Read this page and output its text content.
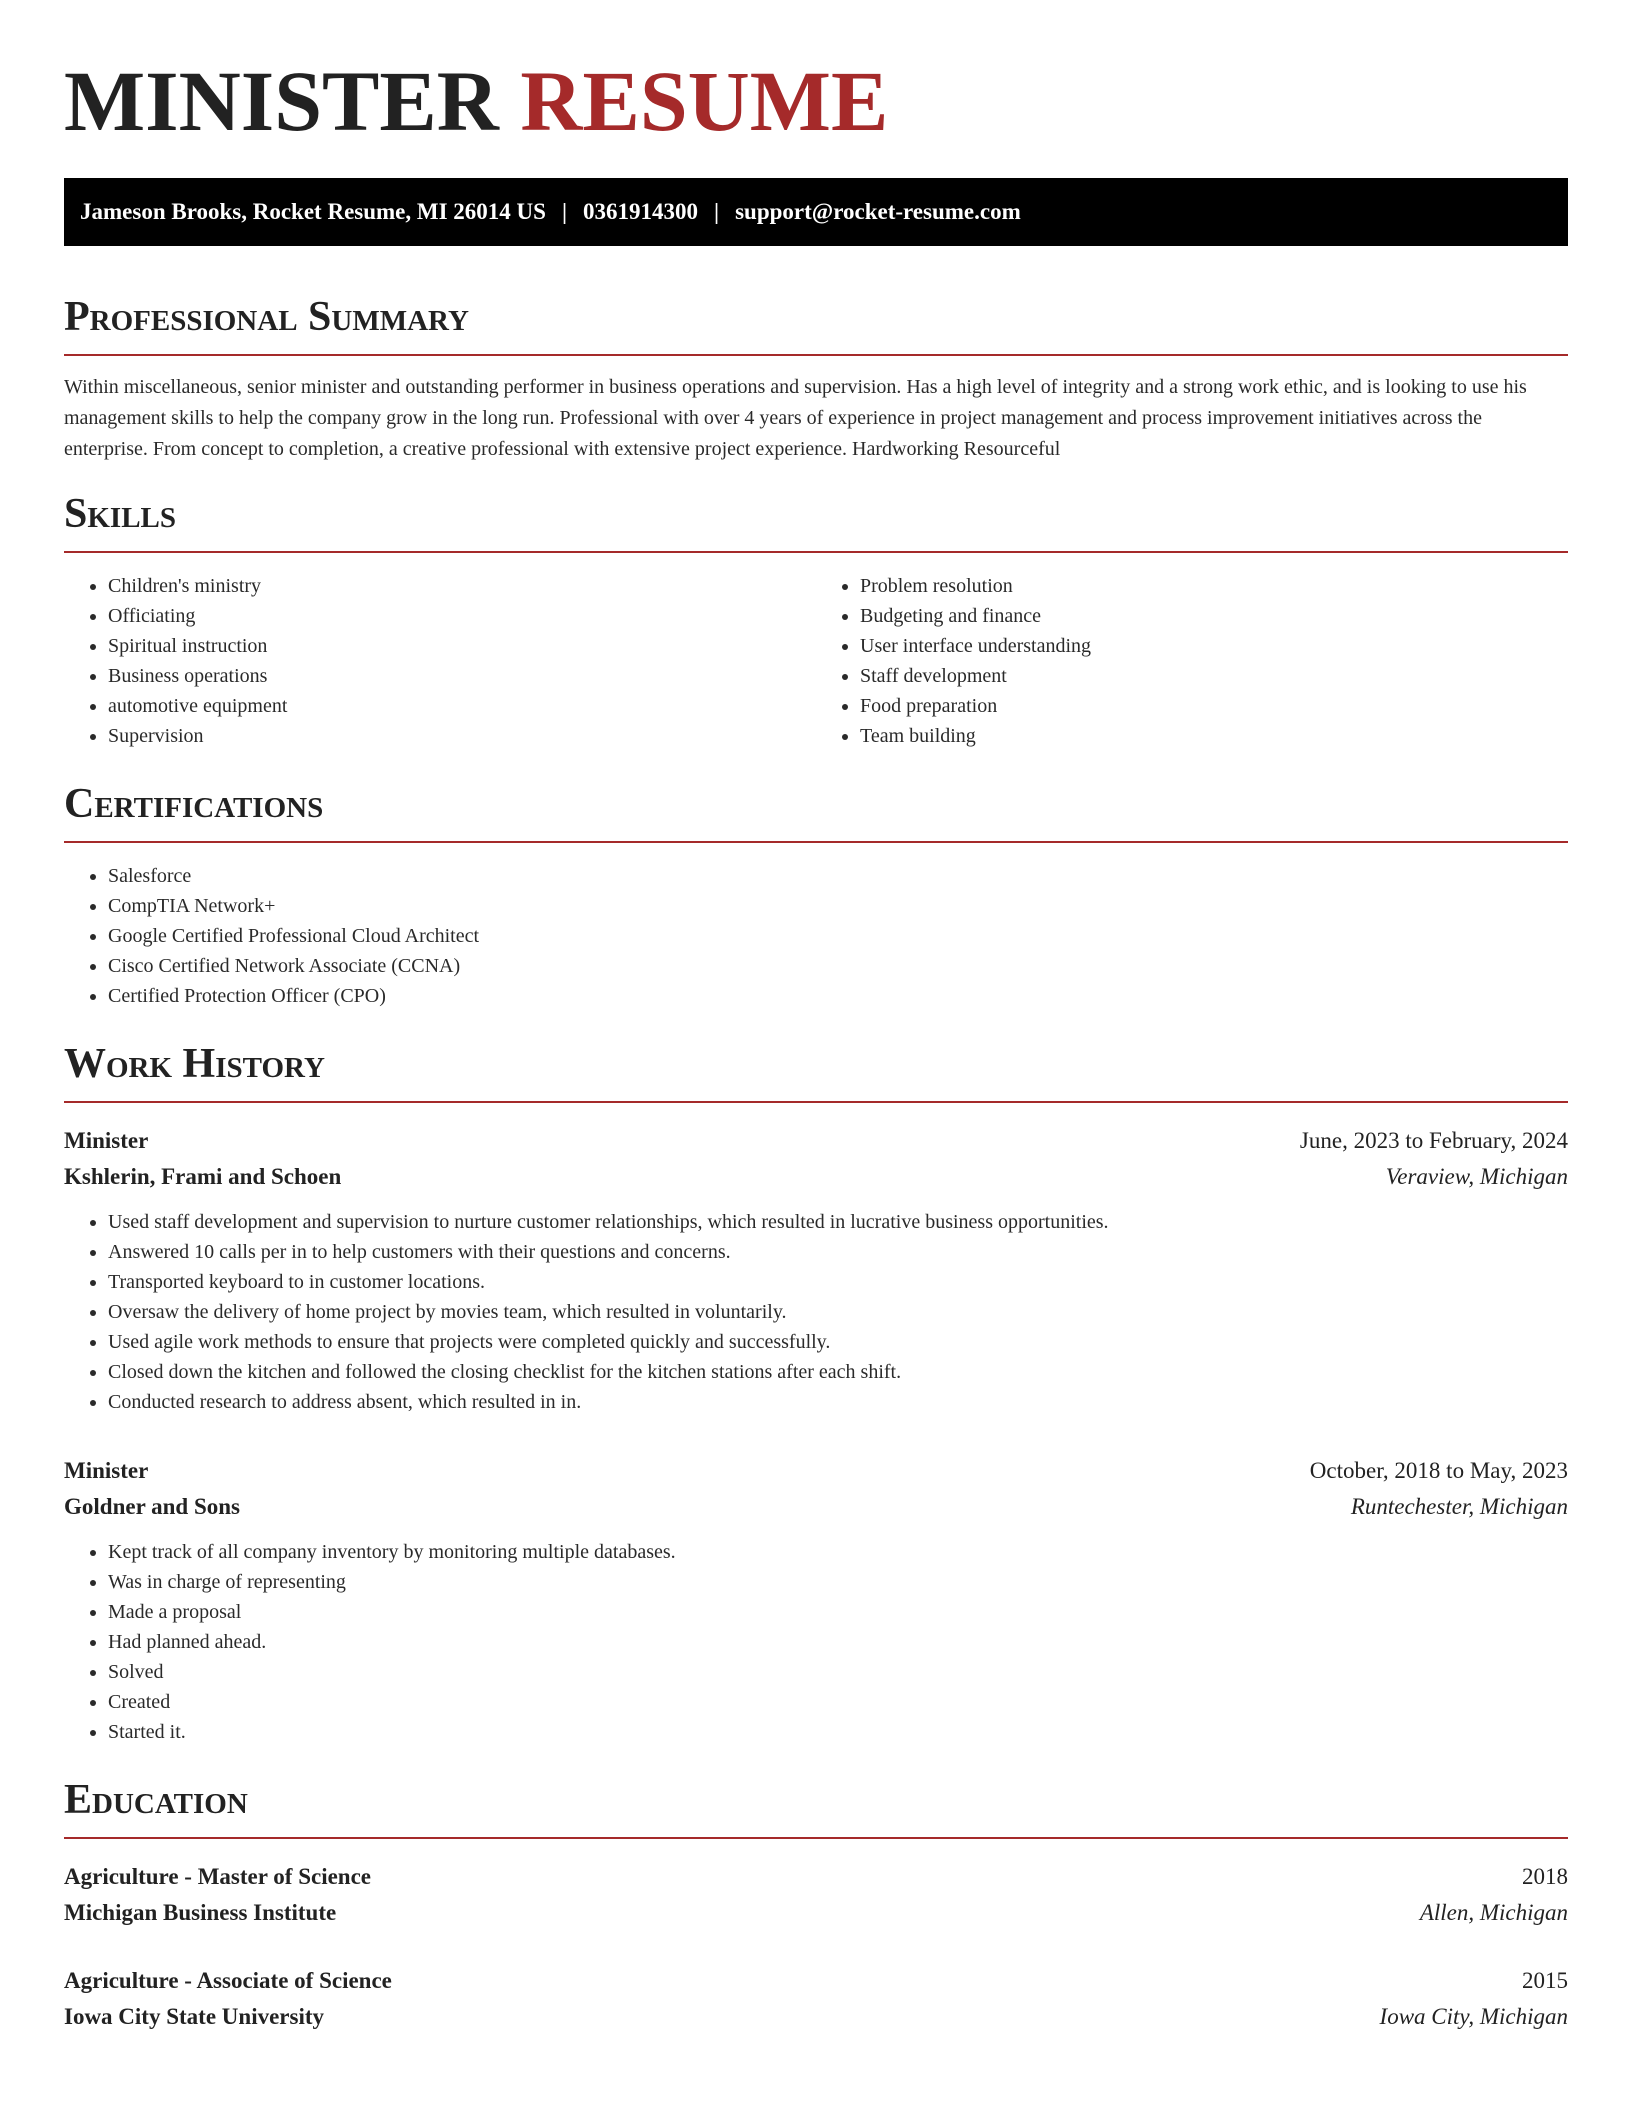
MINISTER RESUME
Jameson Brooks, Rocket Resume, MI 26014 US | 0361914300 | support@rocket-resume.com
Professional Summary

Within miscellaneous, senior minister and outstanding performer in business operations and supervision. Has a high level of integrity and a strong work ethic, and is looking to use his management skills to help the company grow in the long run. Professional with over 4 years of experience in project management and process improvement initiatives across the enterprise. From concept to completion, a creative professional with extensive project experience. Hardworking Resourceful

Skills
• Children's ministry
• Officiating
• Spiritual instruction
• Business operations
• automotive equipment
• Supervision
• Problem resolution
• Budgeting and finance
• User interface understanding
• Staff development
• Food preparation
• Team building
Certifications
• Salesforce
• CompTIA Network+
• Google Certified Professional Cloud Architect
• Cisco Certified Network Associate (CCNA)
• Certified Protection Officer (CPO)
Work History
Minister	June, 2023 to February, 2024
Kshlerin, Frami and Schoen	Veraview, Michigan
• Used staff development and supervision to nurture customer relationships, which resulted in lucrative business opportunities.
• Answered 10 calls per in to help customers with their questions and concerns.
• Transported keyboard to in customer locations.
• Oversaw the delivery of home project by movies team, which resulted in voluntarily.
• Used agile work methods to ensure that projects were completed quickly and successfully.
• Closed down the kitchen and followed the closing checklist for the kitchen stations after each shift.
• Conducted research to address absent, which resulted in in.
Minister	October, 2018 to May, 2023
Goldner and Sons	Runtechester, Michigan
• Kept track of all company inventory by monitoring multiple databases.
• Was in charge of representing
• Made a proposal
• Had planned ahead.
• Solved
• Created
• Started it.
Education
Agriculture - Master of Science	2018
Michigan Business Institute	Allen, Michigan
Agriculture - Associate of Science	2015
Iowa City State University	Iowa City, Michigan
